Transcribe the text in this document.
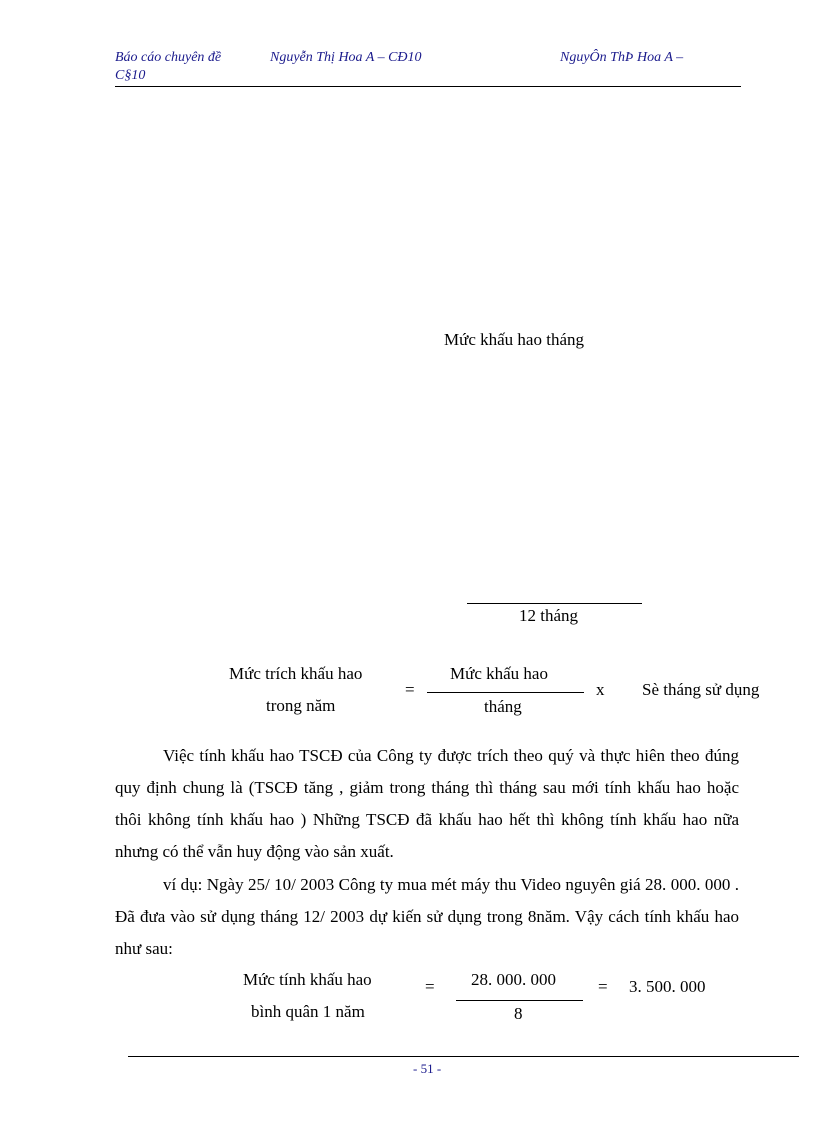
Báo cáo chuyên đề
C§10
Nguyễn Thị Hoa A – CĐ10	NguyÔn ThÞ Hoa A –
Mức khấu hao tháng
12 tháng
Mức trích khấu hao
trong năm
=
Mức khấu hao
tháng
x Sè tháng sử dụng
Việc tính khấu hao TSCĐ của Công ty được trích theo quý và thực hiên theo đúng quy định chung là (TSCĐ tăng , giảm trong tháng thì tháng sau mới tính khấu hao hoặc thôi không tính khấu hao ) Những TSCĐ đã khấu hao hết thì không tính khấu hao nữa nhưng có thể vẫn huy động vào sản xuất.
ví dụ: Ngày 25/ 10/ 2003 Công ty mua mét máy thu Video nguyên giá 28. 000. 000 . Đã đưa vào sử dụng tháng 12/ 2003 dự kiến sử dụng trong 8năm. Vậy cách tính khấu hao như sau:
Mức tính khấu hao
bình quân 1 năm
= 28. 000. 000
8
= 3. 500. 000
- 51 -
